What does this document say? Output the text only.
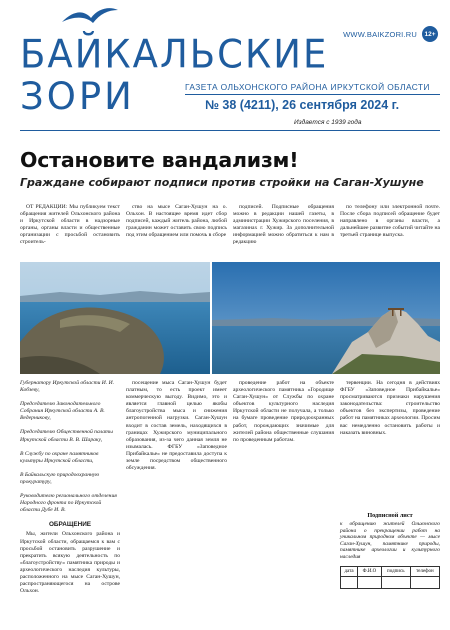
WWW.BAIKZORI.RU	12+
БАЙКАЛЬСКИЕ
ЗОРИ	ГАЗЕТА ОЛЬХОНСКОГО РАЙОНА ИРКУТСКОЙ ОБЛАСТИ
№ 38 (4211), 26 сентября 2024 г.
Издается с 1939 года
Остановите вандализм!
Граждане собирают подписи против стройки на Саган-Хушуне

ОТ РЕДАКЦИИ: Мы публикуем текст обращения жителей Ольхонского района и Иркутской области в надзорные органы, органы власти и общественные организации с просьбой остановить строитель-

ство на мысе Саган-Хушун на о. Ольхон. В настоящее время идет сбор подписей, каждый житель района, любой гражданин может оставить свою подпись под этим обращением или помочь в сборе

подписей. Подписные обращения можно в редакции нашей газеты, в администрации Хужирского поселения, в магазинах г. Хужир. За дополнительной информацией можно обратиться к нам в редакцию

по телефону или электронной почте. После сбора подписей обращение будет направлено в органы власти, а дальнейшее развитие событий читайте на третьей странице выпуска.

Губернатору Иркутской области И. И. Кобзеву,
Председателю Законодательного Собрания Иркутской области А. В. Ведерникову,
Председателю Общественной палаты Иркутской области В. В. Шараку,
В Службу по охране памятников культуры Иркутской области,
В Байкальскую природоохранную прокуратуру,
Руководителю регионального отделения Народного фронта по Иркутской области Дубе И. В.
ОБРАЩЕНИЕ
Мы, жители Ольхонского района и Иркутской области, обращаемся к вам с просьбой остановить разрушение и прекратить всякую деятельность по «благоустройству» памятника природы и археологического наследия культуры, расположенного на мысе Саган-Хушун, распространяющегося на острове Ольхон.

посещение мыса Саган-Хушун будет платным, то есть проект имеет коммерческую выгоду. Видимо, это и является главной целью якобы благоустройства мыса и снижения антропогенной нагрузки. Саган-Хушун входит в состав земель, находящихся в границах Хужирского муниципального образования, из-за чего данная земля не изымалась. ФГБУ «Заповедное Прибайкалье» не предоставила доступа к земле посредством общественного обсуждения.

проведение работ на объекте археологического памятника «Городище Саган-Хушун» от Службы по охране объектов культурного наследия Иркутской области не получала, а только на бумаге проведение природоохранных работ, порождающих значимые для жителей района общественные слушания по проведенным работам.

тервенции. На сегодня в действиях ФГБУ «Заповедное Прибайкалье» просматриваются признаки нарушения законодательства: строительство объектов без экспертизы, проведение работ на памятниках археологии. Просим вас немедленно остановить работы и наказать виновных.

Подписной лист
к обращению жителей Ольхонского района о прекращении работ на уникальном природном объекте — мысе Саган-Хушун, памятнике природы, памятнике археологии и культурного наследия
дата	Ф.И.О	подпись	телефон
